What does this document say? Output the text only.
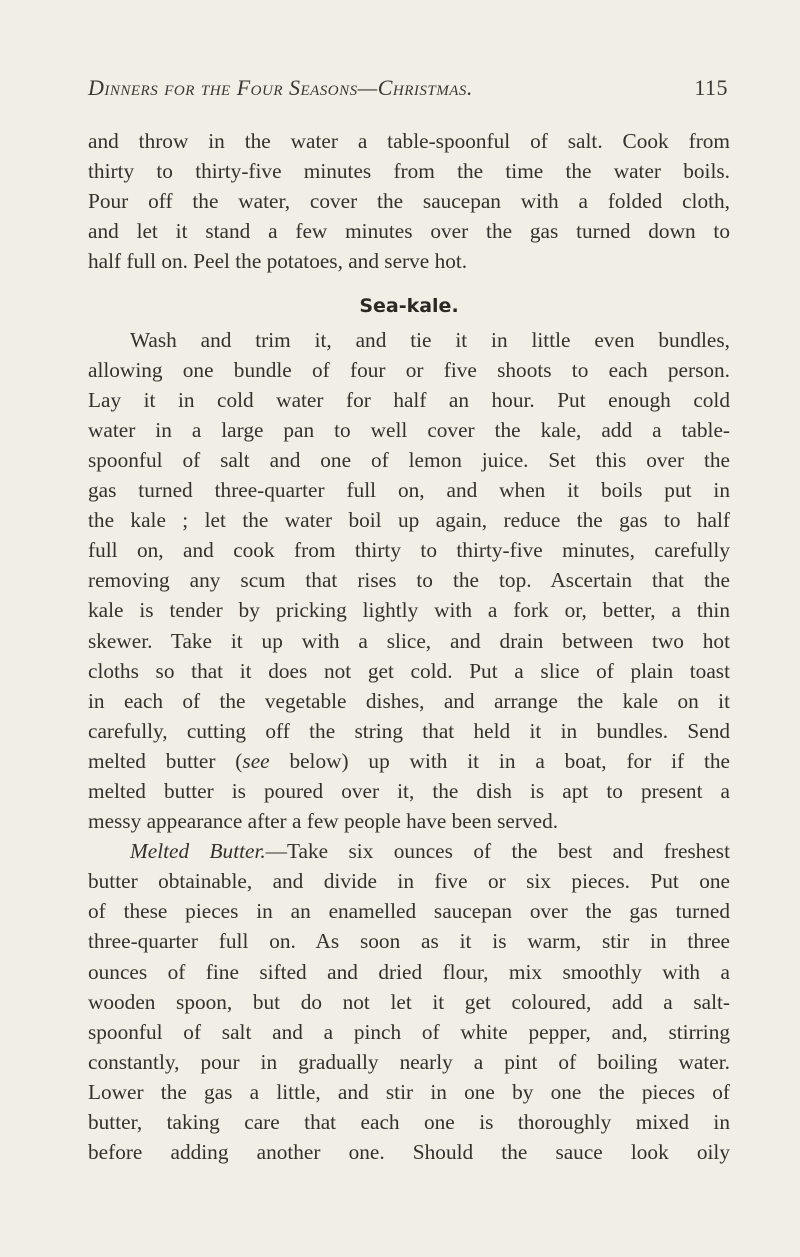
Dinners for the Four Seasons—Christmas.	115
and throw in the water a table-spoonful of salt. Cook from
thirty to thirty-five minutes from the time the water boils.
Pour off the water, cover the saucepan with a folded cloth,
and let it stand a few minutes over the gas turned down to
half full on. Peel the potatoes, and serve hot.
Sea-kale.
Wash and trim it, and tie it in little even bundles,
allowing one bundle of four or five shoots to each person.
Lay it in cold water for half an hour. Put enough cold
water in a large pan to well cover the kale, add a table-
spoonful of salt and one of lemon juice. Set this over the
gas turned three-quarter full on, and when it boils put in
the kale ; let the water boil up again, reduce the gas to half
full on, and cook from thirty to thirty-five minutes, carefully
removing any scum that rises to the top. Ascertain that the
kale is tender by pricking lightly with a fork or, better, a thin
skewer. Take it up with a slice, and drain between two hot
cloths so that it does not get cold. Put a slice of plain toast
in each of the vegetable dishes, and arrange the kale on it
carefully, cutting off the string that held it in bundles. Send
melted butter (see below) up with it in a boat, for if the
melted butter is poured over it, the dish is apt to present a
messy appearance after a few people have been served.
Melted Butter.—Take six ounces of the best and freshest
butter obtainable, and divide in five or six pieces. Put one
of these pieces in an enamelled saucepan over the gas turned
three-quarter full on. As soon as it is warm, stir in three
ounces of fine sifted and dried flour, mix smoothly with a
wooden spoon, but do not let it get coloured, add a salt-
spoonful of salt and a pinch of white pepper, and, stirring
constantly, pour in gradually nearly a pint of boiling water.
Lower the gas a little, and stir in one by one the pieces of
butter, taking care that each one is thoroughly mixed in
before adding another one. Should the sauce look oily
